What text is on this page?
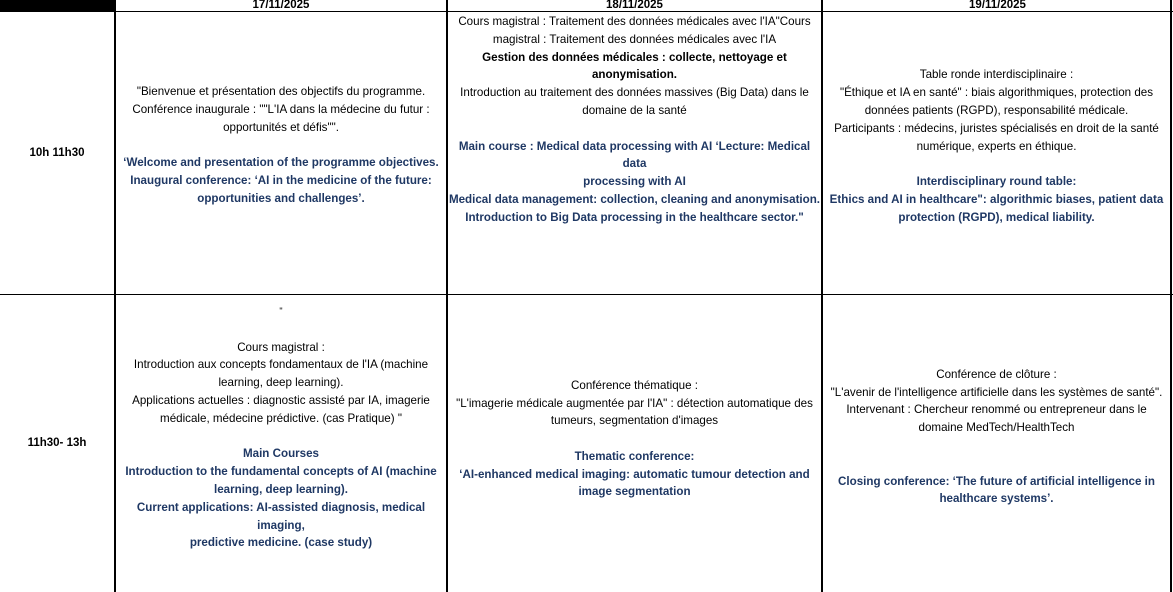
17/11/2025	18/11/2025	19/11/2025
10h 11h30

"Bienvenue et présentation des objectifs du programme.

Conférence inaugurale : ""L'IA dans la médecine du futur :

opportunités et défis"".

‘Welcome and presentation of the programme objectives.

Inaugural conference: ‘AI in the medicine of the future:

opportunities and challenges’.

Cours magistral : Traitement des données médicales avec l'IA"Cours

magistral : Traitement des données médicales avec l'IA

Gestion des données médicales : collecte, nettoyage et

anonymisation.

Introduction au traitement des données massives (Big Data) dans le

domaine de la santé

Main course : Medical data processing with AI ‘Lecture: Medical data

processing with AI

Medical data management: collection, cleaning and anonymisation.

Introduction to Big Data processing in the healthcare sector."

Table ronde interdisciplinaire :

"Éthique et IA en santé" : biais algorithmiques, protection des

données patients (RGPD), responsabilité médicale.

Participants : médecins, juristes spécialisés en droit de la santé

numérique, experts en éthique.

Interdisciplinary round table:

Ethics and AI in healthcare": algorithmic biases, patient data

protection (RGPD), medical liability.

11h30- 13h

"

Cours magistral :

Introduction aux concepts fondamentaux de l'IA (machine

learning, deep learning).

Applications actuelles : diagnostic assisté par IA, imagerie

médicale, médecine prédictive. (cas Pratique) "

Main Courses

Introduction to the fundamental concepts of AI (machine

learning, deep learning).

Current applications: AI-assisted diagnosis, medical imaging,

predictive medicine. (case study)

Conférence thématique :

"L'imagerie médicale augmentée par l'IA" : détection automatique des

tumeurs, segmentation d'images

Thematic conference:

‘AI-enhanced medical imaging: automatic tumour detection and

image segmentation

Conférence de clôture :

"L'avenir de l'intelligence artificielle dans les systèmes de santé".

Intervenant : Chercheur renommé ou entrepreneur dans le

domaine MedTech/HealthTech

Closing conference: ‘The future of artificial intelligence in

healthcare systems’.
